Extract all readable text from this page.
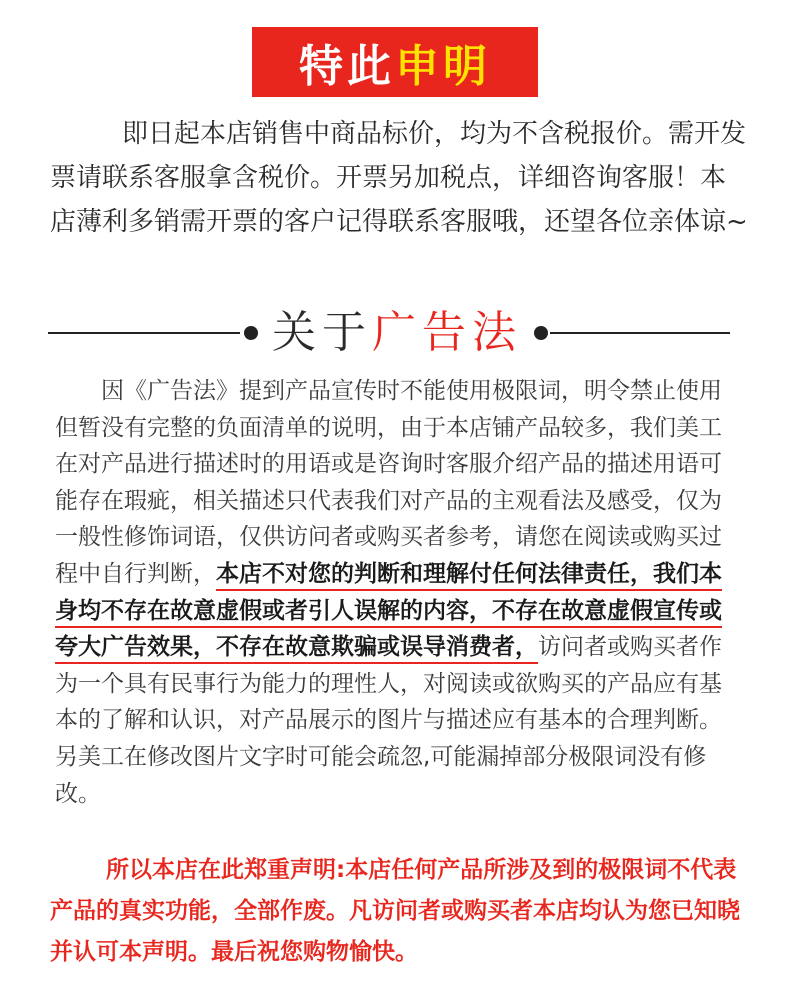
特此 申明
即日起本店销售中商品标价，均为不含税报价。需开发票请联系客服拿含税价。开票另加税点，详细咨询客服！本店薄利多销需开票的客户记得联系客服哦，还望各位亲体谅~
关于广告法
因《广告法》提到产品宣传时不能使用极限词，明令禁止使用但暂没有完整的负面清单的说明，由于本店铺产品较多，我们美工在对产品进行描述时的用语或是咨询时客服介绍产品的描述用语可能存在瑕疵，相关描述只代表我们对产品的主观看法及感受，仅为一般性修饰词语，仅供访问者或购买者参考，请您在阅读或购买过程中自行判断，本店不对您的判断和理解付任何法律责任，我们本身均不存在故意虚假或者引人误解的内容，不存在故意虚假宣传或夸大广告效果，不存在故意欺骗或误导消费者，访问者或购买者作为一个具有民事行为能力的理性人，对阅读或欲购买的产品应有基本的了解和认识，对产品展示的图片与描述应有基本的合理判断。另美工在修改图片文字时可能会疏忽,可能漏掉部分极限词没有修改。
所以本店在此郑重声明:本店任何产品所涉及到的极限词不代表产品的真实功能，全部作废。凡访问者或购买者本店均认为您已知晓并认可本声明。最后祝您购物愉快。
